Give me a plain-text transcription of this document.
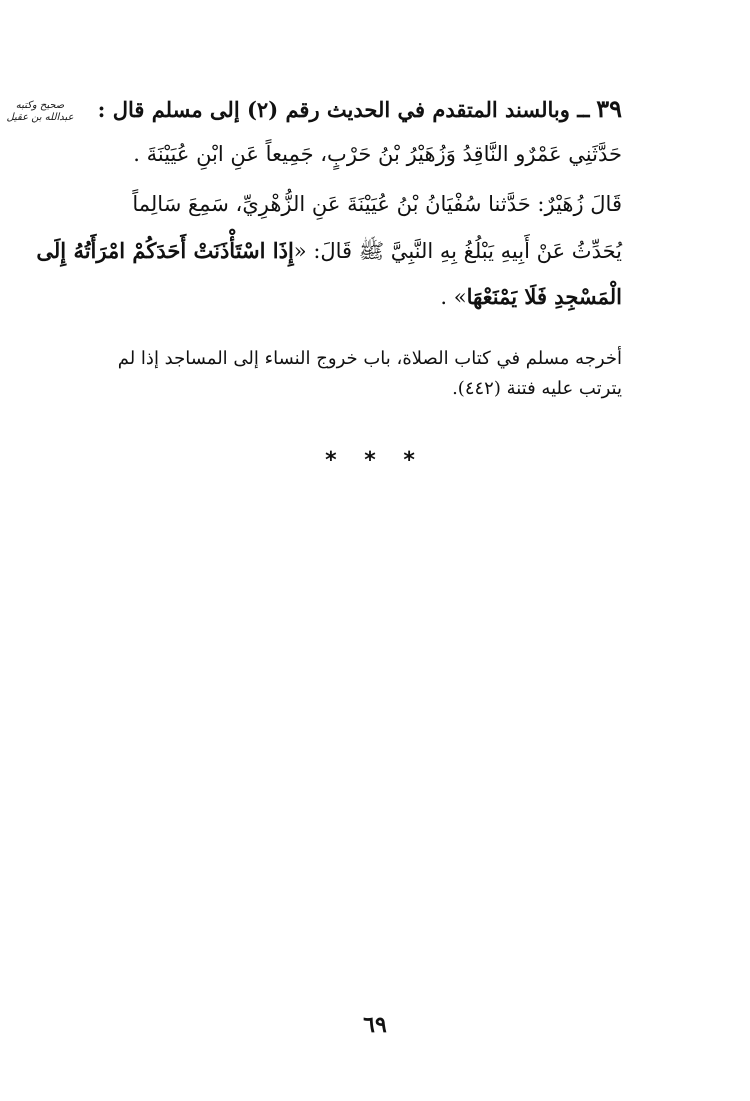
صحيح وكتبه
عبدالله بن عقيل	٣٩ ــ وبالسند المتقدم في الحديث رقم (٢) إلى مسلم قال :
حَدَّثَنِي عَمْرٌو النَّاقِدُ وَزُهَيْرُ بْنُ حَرْبٍ، جَمِيعاً عَنِ ابْنِ عُيَيْنَةَ .
قَالَ زُهَيْرٌ: حَدَّثنا سُفْيَانُ بْنُ عُيَيْنَةَ عَنِ الزُّهْرِيِّ، سَمِعَ سَالِماً
يُحَدِّثُ عَنْ أَبِيهِ يَبْلُغُ بِهِ النَّبِيَّ ﷺ قَالَ: «إِذَا اسْتَأْذَنَتْ أَحَدَكُمْ امْرَأَتُهُ إِلَى
الْمَسْجِدِ فَلَا يَمْنَعْهَا» .
أخرجه مسلم في كتاب الصلاة، باب خروج النساء إلى المساجد إذا لم
يترتب عليه فتنة (٤٤٢).
* * *
٦٩
